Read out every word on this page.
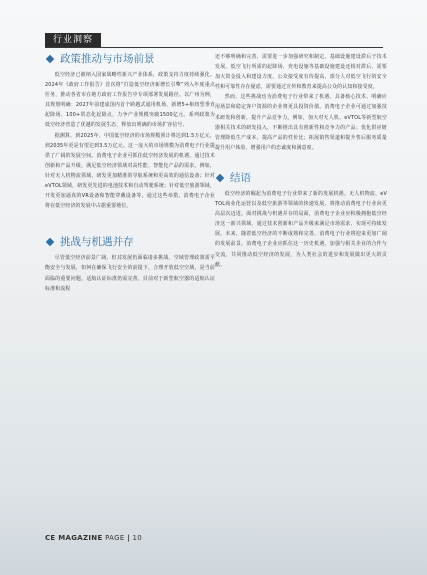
行业洞察
政策推动与市场前景

低空经济已被纳入国家战略性新兴产业体系，政策支持力度持续强化。2024年《政府工作报告》首次将“打造低空经济新增长引擎”列入年度重点任务，推动各省市在地方政府工作报告中专项部署发展路径。以广州为例，其规划明确：2027年前建成国内首个跨越式通用机场，新增5+枢纽型垂直起降场、100+常态化起降点，力争产业规模突破1500亿元。系列政策为低空经济营造了优越的发展生态，释放出明确的市场扩容信号。

据测算，到2025年，中国低空经济的市场规模预计将达到1.5万亿元，到2035年更是有望达到3.5万亿元。这一庞大的市场规模为消费电子行业提供了广阔的发展空间。消费电子企业可抓住低空经济发展的机遇，通过技术创新和产品升级，满足低空经济领域对高性能、智能化产品的需求。例如，针对无人机物流领域，研发更加精准的导航系统和更高效的通信设备；针对eVTOL领域，研发更先进的电池技术和自动驾驶系统；针对低空旅游领域，开发更加逼真的VR设备和智能穿戴设备等。通过这些举措，消费电子企业将在低空经济的发展中占据重要地位。

挑战与机遇并存

尽管低空经济前景广阔，但其发展仍面临诸多挑战。空域管理政策需平衡安全与发展，如何在确保飞行安全的前提下，合理开放低空空域，是当前面临的重要问题。适航认证标准仍需完善，目前对于新型航空器的适航认证标准和流程

还不够明确和完善，需要进一步加强研究和制定。基础设施建设滞后于技术发展，低空飞行所需的起降场、充电设施等基础设施建设还相对滞后，需要加大资金投入和建设力度。公众接受度有待提高，部分人对低空飞行的安全性和可靠性存在疑虑，需要通过宣传和教育来提高公众的认知和接受度。

然而，这些挑战也为消费电子行业带来了机遇。具备核心技术、明确应用场景和稳定客户资源的企业将更具投资价值。消费电子企业可通过加强技术研发和创新，提升产品竞争力。例如，加大对无人机、eVTOL等新型航空器相关技术的研发投入，不断推出具有创新性和竞争力的产品；优化供应链管理降低生产成本，提高产品的性价比；拓展销售渠道和提升售后服务质量提升用户体验，增强用户的忠诚度和满意度。

结语

低空经济的崛起为消费电子行业带来了新的发展机遇。无人机物流、eVTOL商业化运营以及低空旅游等领域的快速发展，将推动消费电子行业向更高层次迈进。面对挑战与机遇并存的局面，消费电子企业应积极拥抱低空经济这一新兴领域，通过技术创新和产品升级来满足市场需求，实现可持续发展。未来，随着低空经济的不断成熟和完善，消费电子行业将迎来更加广阔的发展前景。消费电子企业应抓住这一历史机遇，加强与相关企业的合作与交流，共同推动低空经济的发展，为人类社会的进步和发展做出更大的贡献。

CE MAGAZINE PAGE | 10
